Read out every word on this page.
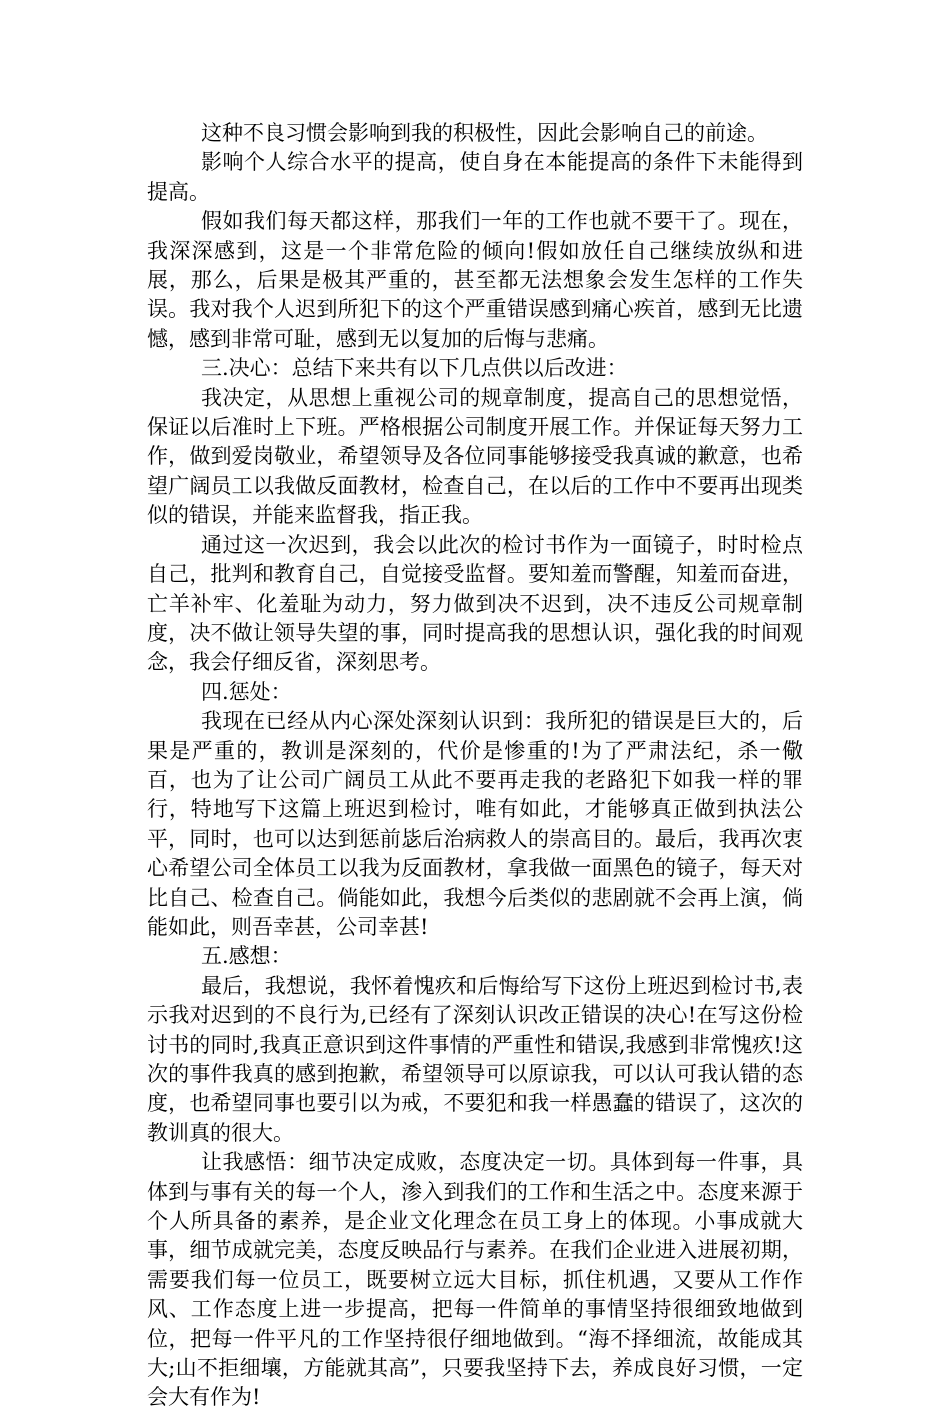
这种不良习惯会影响到我的积极性，因此会影响自己的前途。

影响个人综合水平的提高，使自身在本能提高的条件下未能得到提高。

假如我们每天都这样，那我们一年的工作也就不要干了。现在，我深深感到，这是一个非常危险的倾向!假如放任自己继续放纵和进展，那么，后果是极其严重的，甚至都无法想象会发生怎样的工作失误。我对我个人迟到所犯下的这个严重错误感到痛心疾首，感到无比遗憾，感到非常可耻，感到无以复加的后悔与悲痛。

三.决心：总结下来共有以下几点供以后改进：

我决定，从思想上重视公司的规章制度，提高自己的思想觉悟，保证以后准时上下班。严格根据公司制度开展工作。并保证每天努力工作，做到爱岗敬业，希望领导及各位同事能够接受我真诚的歉意，也希望广阔员工以我做反面教材，检查自己，在以后的工作中不要再出现类似的错误，并能来监督我，指正我。

通过这一次迟到，我会以此次的检讨书作为一面镜子，时时检点自己，批判和教育自己，自觉接受监督。要知羞而警醒，知羞而奋进，亡羊补牢、化羞耻为动力，努力做到决不迟到，决不违反公司规章制度，决不做让领导失望的事，同时提高我的思想认识，强化我的时间观念，我会仔细反省，深刻思考。

四.惩处：

我现在已经从内心深处深刻认识到：我所犯的错误是巨大的，后果是严重的，教训是深刻的，代价是惨重的!为了严肃法纪，杀一儆百，也为了让公司广阔员工从此不要再走我的老路犯下如我一样的罪行，特地写下这篇上班迟到检讨，唯有如此，才能够真正做到执法公平，同时，也可以达到惩前毖后治病救人的崇高目的。最后，我再次衷心希望公司全体员工以我为反面教材，拿我做一面黑色的镜子，每天对比自己、检查自己。倘能如此，我想今后类似的悲剧就不会再上演，倘能如此，则吾幸甚，公司幸甚!

五.感想：

最后，我想说，我怀着愧疚和后悔给写下这份上班迟到检讨书,表示我对迟到的不良行为,已经有了深刻认识改正错误的决心!在写这份检讨书的同时,我真正意识到这件事情的严重性和错误,我感到非常愧疚!这次的事件我真的感到抱歉，希望领导可以原谅我，可以认可我认错的态度，也希望同事也要引以为戒，不要犯和我一样愚蠢的错误了，这次的教训真的很大。

让我感悟：细节决定成败，态度决定一切。具体到每一件事，具体到与事有关的每一个人，渗入到我们的工作和生活之中。态度来源于个人所具备的素养，是企业文化理念在员工身上的体现。小事成就大事，细节成就完美，态度反映品行与素养。在我们企业进入进展初期，需要我们每一位员工，既要树立远大目标，抓住机遇，又要从工作作风、工作态度上进一步提高，把每一件简单的事情坚持很细致地做到位，把每一件平凡的工作坚持很仔细地做到。“海不择细流，故能成其大;山不拒细壤，方能就其高”，只要我坚持下去，养成良好习惯，一定会大有作为!
